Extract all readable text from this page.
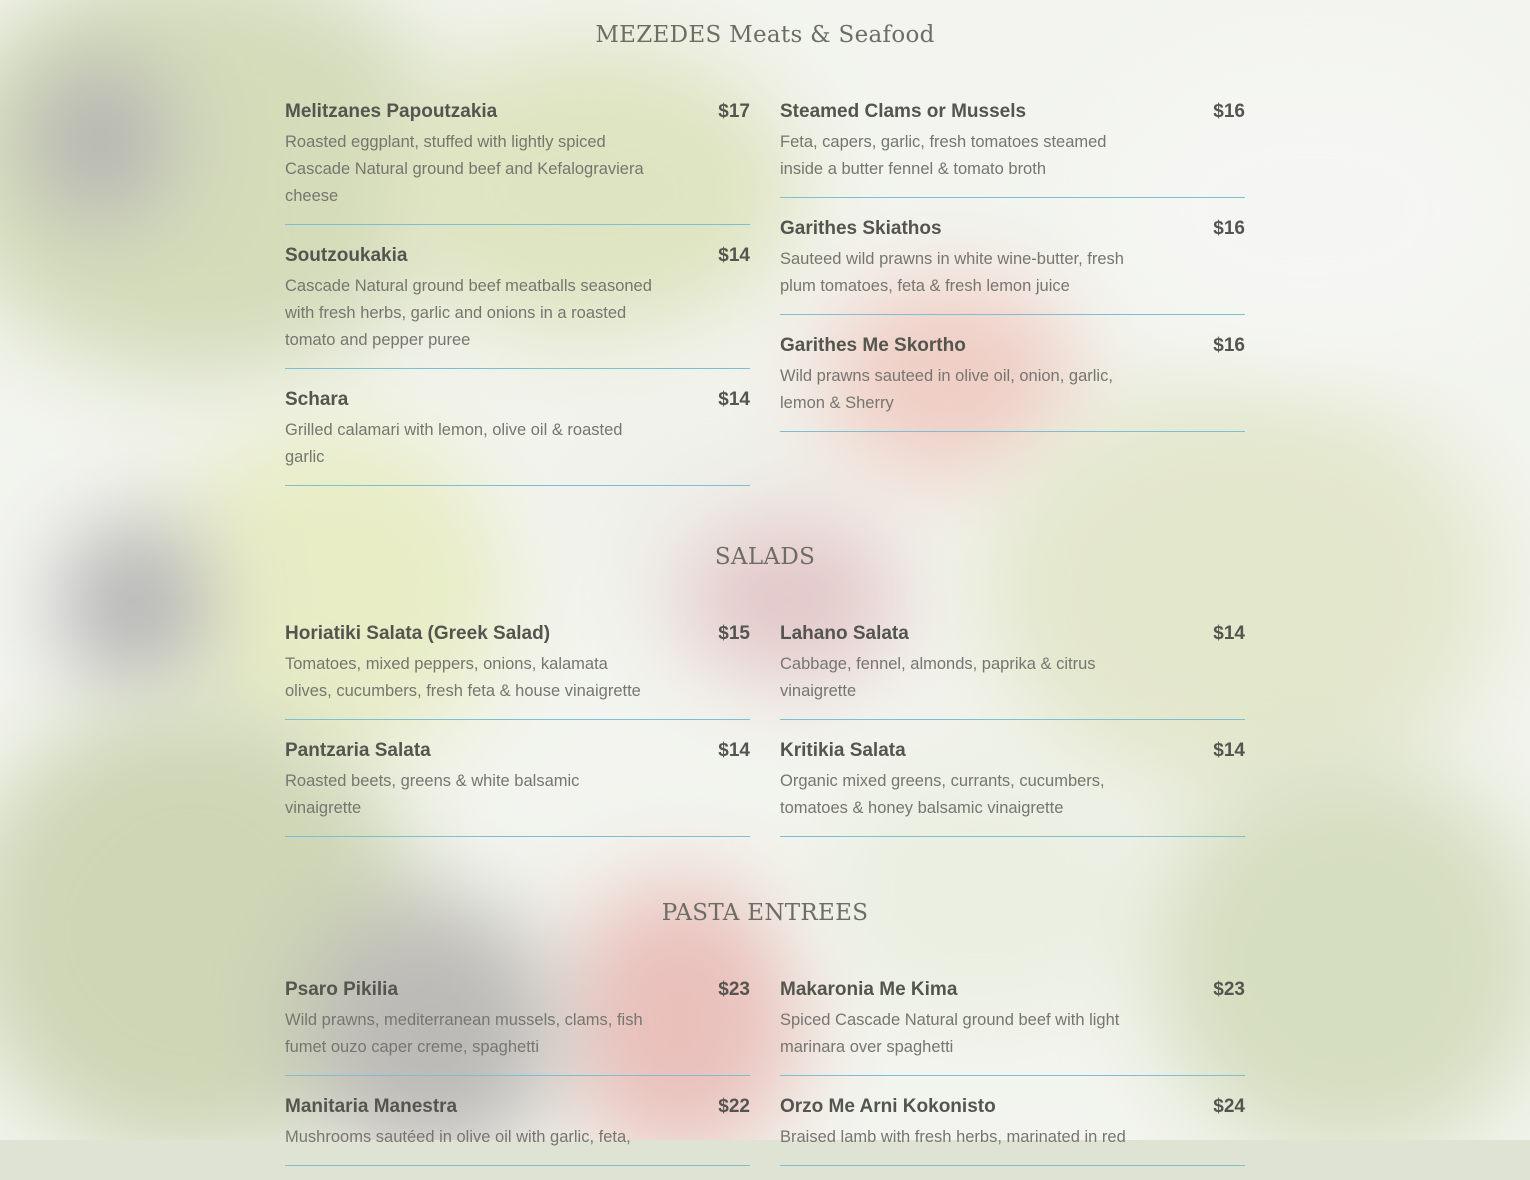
MEZEDES Meats & Seafood
Melitzanes Papoutzakia	$17
Roasted eggplant, stuffed with lightly spiced Cascade Natural ground beef and Kefalograviera cheese
Soutzoukakia	$14
Cascade Natural ground beef meatballs seasoned with fresh herbs, garlic and onions in a roasted tomato and pepper puree
Schara	$14
Grilled calamari with lemon, olive oil & roasted garlic
Steamed Clams or Mussels	$16
Feta, capers, garlic, fresh tomatoes steamed inside a butter fennel & tomato broth
Garithes Skiathos	$16
Sauteed wild prawns in white wine-butter, fresh plum tomatoes, feta & fresh lemon juice
Garithes Me Skortho	$16
Wild prawns sauteed in olive oil, onion, garlic, lemon & Sherry
SALADS
Horiatiki Salata (Greek Salad)	$15
Tomatoes, mixed peppers, onions, kalamata olives, cucumbers, fresh feta & house vinaigrette
Pantzaria Salata	$14
Roasted beets, greens & white balsamic vinaigrette
Lahano Salata	$14
Cabbage, fennel, almonds, paprika & citrus vinaigrette
Kritikia Salata	$14
Organic mixed greens, currants, cucumbers, tomatoes & honey balsamic vinaigrette
PASTA ENTREES
Psaro Pikilia	$23
Wild prawns, mediterranean mussels, clams, fish fumet ouzo caper creme, spaghetti
Manitaria Manestra	$22
Mushrooms sautéed in olive oil with garlic, feta,
Makaronia Me Kima	$23
Spiced Cascade Natural ground beef with light marinara over spaghetti
Orzo Me Arni Kokonisto	$24
Braised lamb with fresh herbs, marinated in red
